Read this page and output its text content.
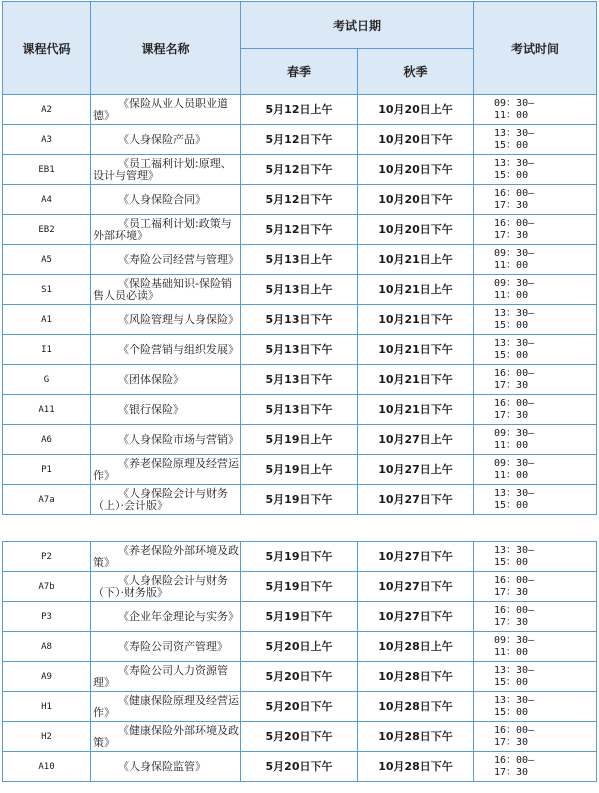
课程代码	课程名称	考试日期		考试时间
		春季	秋季	
A2	《保险从业人员职业道德》	5月12日上午	10月20日上午	09：30—
11：00
A3	《人身保险产品》	5月12日下午	10月20日下午	13：30—
15：00
EB1	《员工福利计划:原理、设计与管理》	5月12日下午	10月20日下午	13：30—
15：00
A4	《人身保险合同》	5月12日下午	10月20日下午	16：00—
17：30
EB2	《员工福利计划:政策与外部环境》	5月12日下午	10月20日下午	16：00—
17：30
A5	《寿险公司经营与管理》	5月13日上午	10月21日上午	09：30—
11：00
S1	《保险基础知识-保险销售人员必读》	5月13日上午	10月21日上午	09：30—
11：00
A1	《风险管理与人身保险》	5月13日下午	10月21日下午	13：30—
15：00
I1	《个险营销与组织发展》	5月13日下午	10月21日下午	13：30—
15：00
G	《团体保险》	5月13日下午	10月21日下午	16：00—
17：30
A11	《银行保险》	5月13日下午	10月21日下午	16：00—
17：30
A6	《人身保险市场与营销》	5月19日上午	10月27日上午	09：30—
11：00
P1	《养老保险原理及经营运作》	5月19日上午	10月27日上午	09：30—
11：00
A7a	《人身保险会计与财务（上）·会计版》	5月19日下午	10月27日下午	13：30—
15：00
P2	《养老保险外部环境及政策》	5月19日下午	10月27日下午	13：30—
15：00
A7b	《人身保险会计与财务（下）·财务版》	5月19日下午	10月27日下午	16：00—
17：30
P3	《企业年金理论与实务》	5月19日下午	10月27日下午	16：00—
17：30
A8	《寿险公司资产管理》	5月20日上午	10月28日上午	09：30—
11：00
A9	《寿险公司人力资源管理》	5月20日下午	10月28日下午	13：30—
15：00
H1	《健康保险原理及经营运作》	5月20日下午	10月28日下午	13：30—
15：00
H2	《健康保险外部环境及政策》	5月20日下午	10月28日下午	16：00—
17：30
A10	《人身保险监管》	5月20日下午	10月28日下午	16：00—
17：30
